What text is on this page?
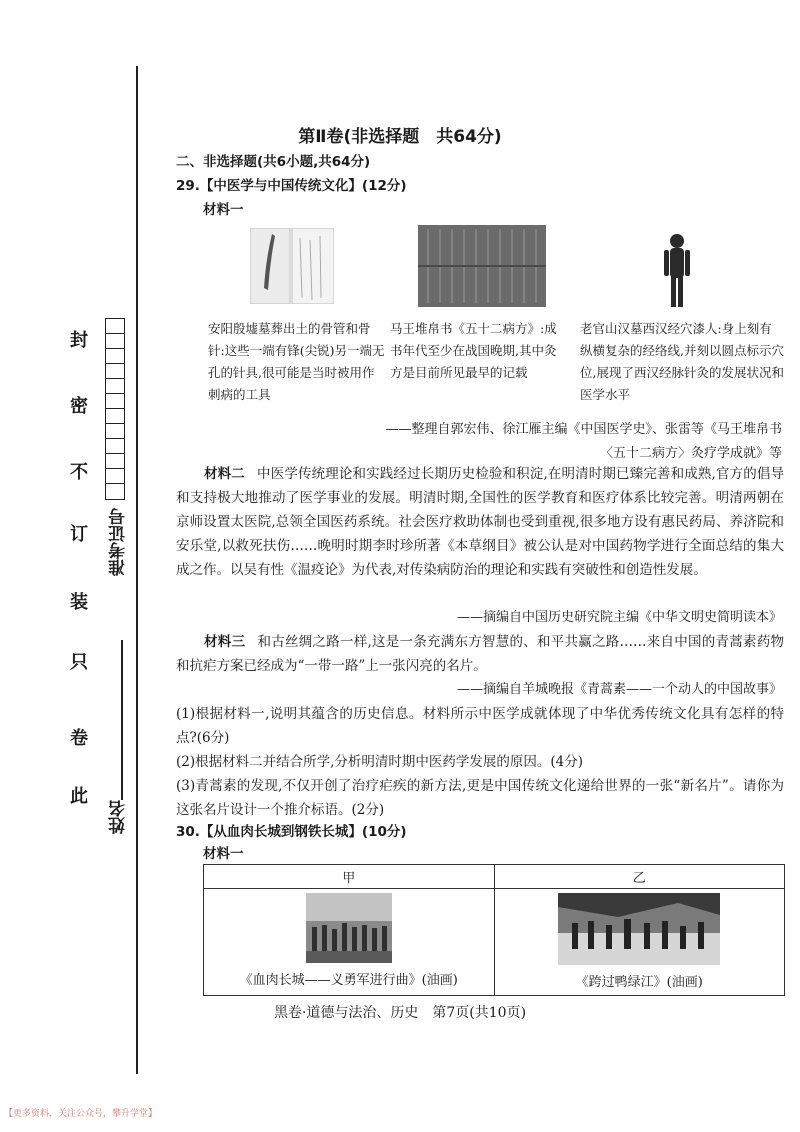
此
卷
只
装
订
不
密
封
准考证号
姓名
第Ⅱ卷(非选择题　共64分)
二、非选择题(共6小题,共64分)
29.【中医学与中国传统文化】(12分)
材料一
安阳殷墟墓葬出土的骨管和骨针:这些一端有锋(尖锐)另一端无孔的针具,很可能是当时被用作刺病的工具
马王堆帛书《五十二病方》:成书年代至少在战国晚期,其中灸方是目前所见最早的记载
老官山汉墓西汉经穴漆人:身上刻有纵横复杂的经络线,并刻以圆点标示穴位,展现了西汉经脉针灸的发展状况和医学水平
——整理自郭宏伟、徐江雁主编《中国医学史》、张雷等《马王堆帛书
〈五十二病方〉灸疗学成就》等
材料二 中医学传统理论和实践经过长期历史检验和积淀,在明清时期已臻完善和成熟,官方的倡导和支持极大地推动了医学事业的发展。明清时期,全国性的医学教育和医疗体系比较完善。明清两朝在京师设置太医院,总领全国医药系统。社会医疗救助体制也受到重视,很多地方设有惠民药局、养济院和安乐堂,以救死扶伤……晚明时期李时珍所著《本草纲目》被公认是对中国药物学进行全面总结的集大成之作。以吴有性《温疫论》为代表,对传染病防治的理论和实践有突破性和创造性发展。
——摘编自中国历史研究院主编《中华文明史简明读本》
材料三 和古丝绸之路一样,这是一条充满东方智慧的、和平共赢之路……来自中国的青蒿素药物和抗疟方案已经成为“一带一路”上一张闪亮的名片。
——摘编自羊城晚报《青蒿素——一个动人的中国故事》
(1)根据材料一,说明其蕴含的历史信息。材料所示中医学成就体现了中华优秀传统文化具有怎样的特点?(6分)
(2)根据材料二并结合所学,分析明清时期中医药学发展的原因。(4分)
(3)青蒿素的发现,不仅开创了治疗疟疾的新方法,更是中国传统文化递给世界的一张“新名片”。请你为这张名片设计一个推介标语。(2分)
30.【从血肉长城到钢铁长城】(10分)
材料一
甲	乙

《血肉长城——义勇军进行曲》(油画)	《跨过鸭绿江》(油画)
黑卷·道德与法治、历史　第7页(共10页)
【更多资料，关注公众号，攀升学堂】
